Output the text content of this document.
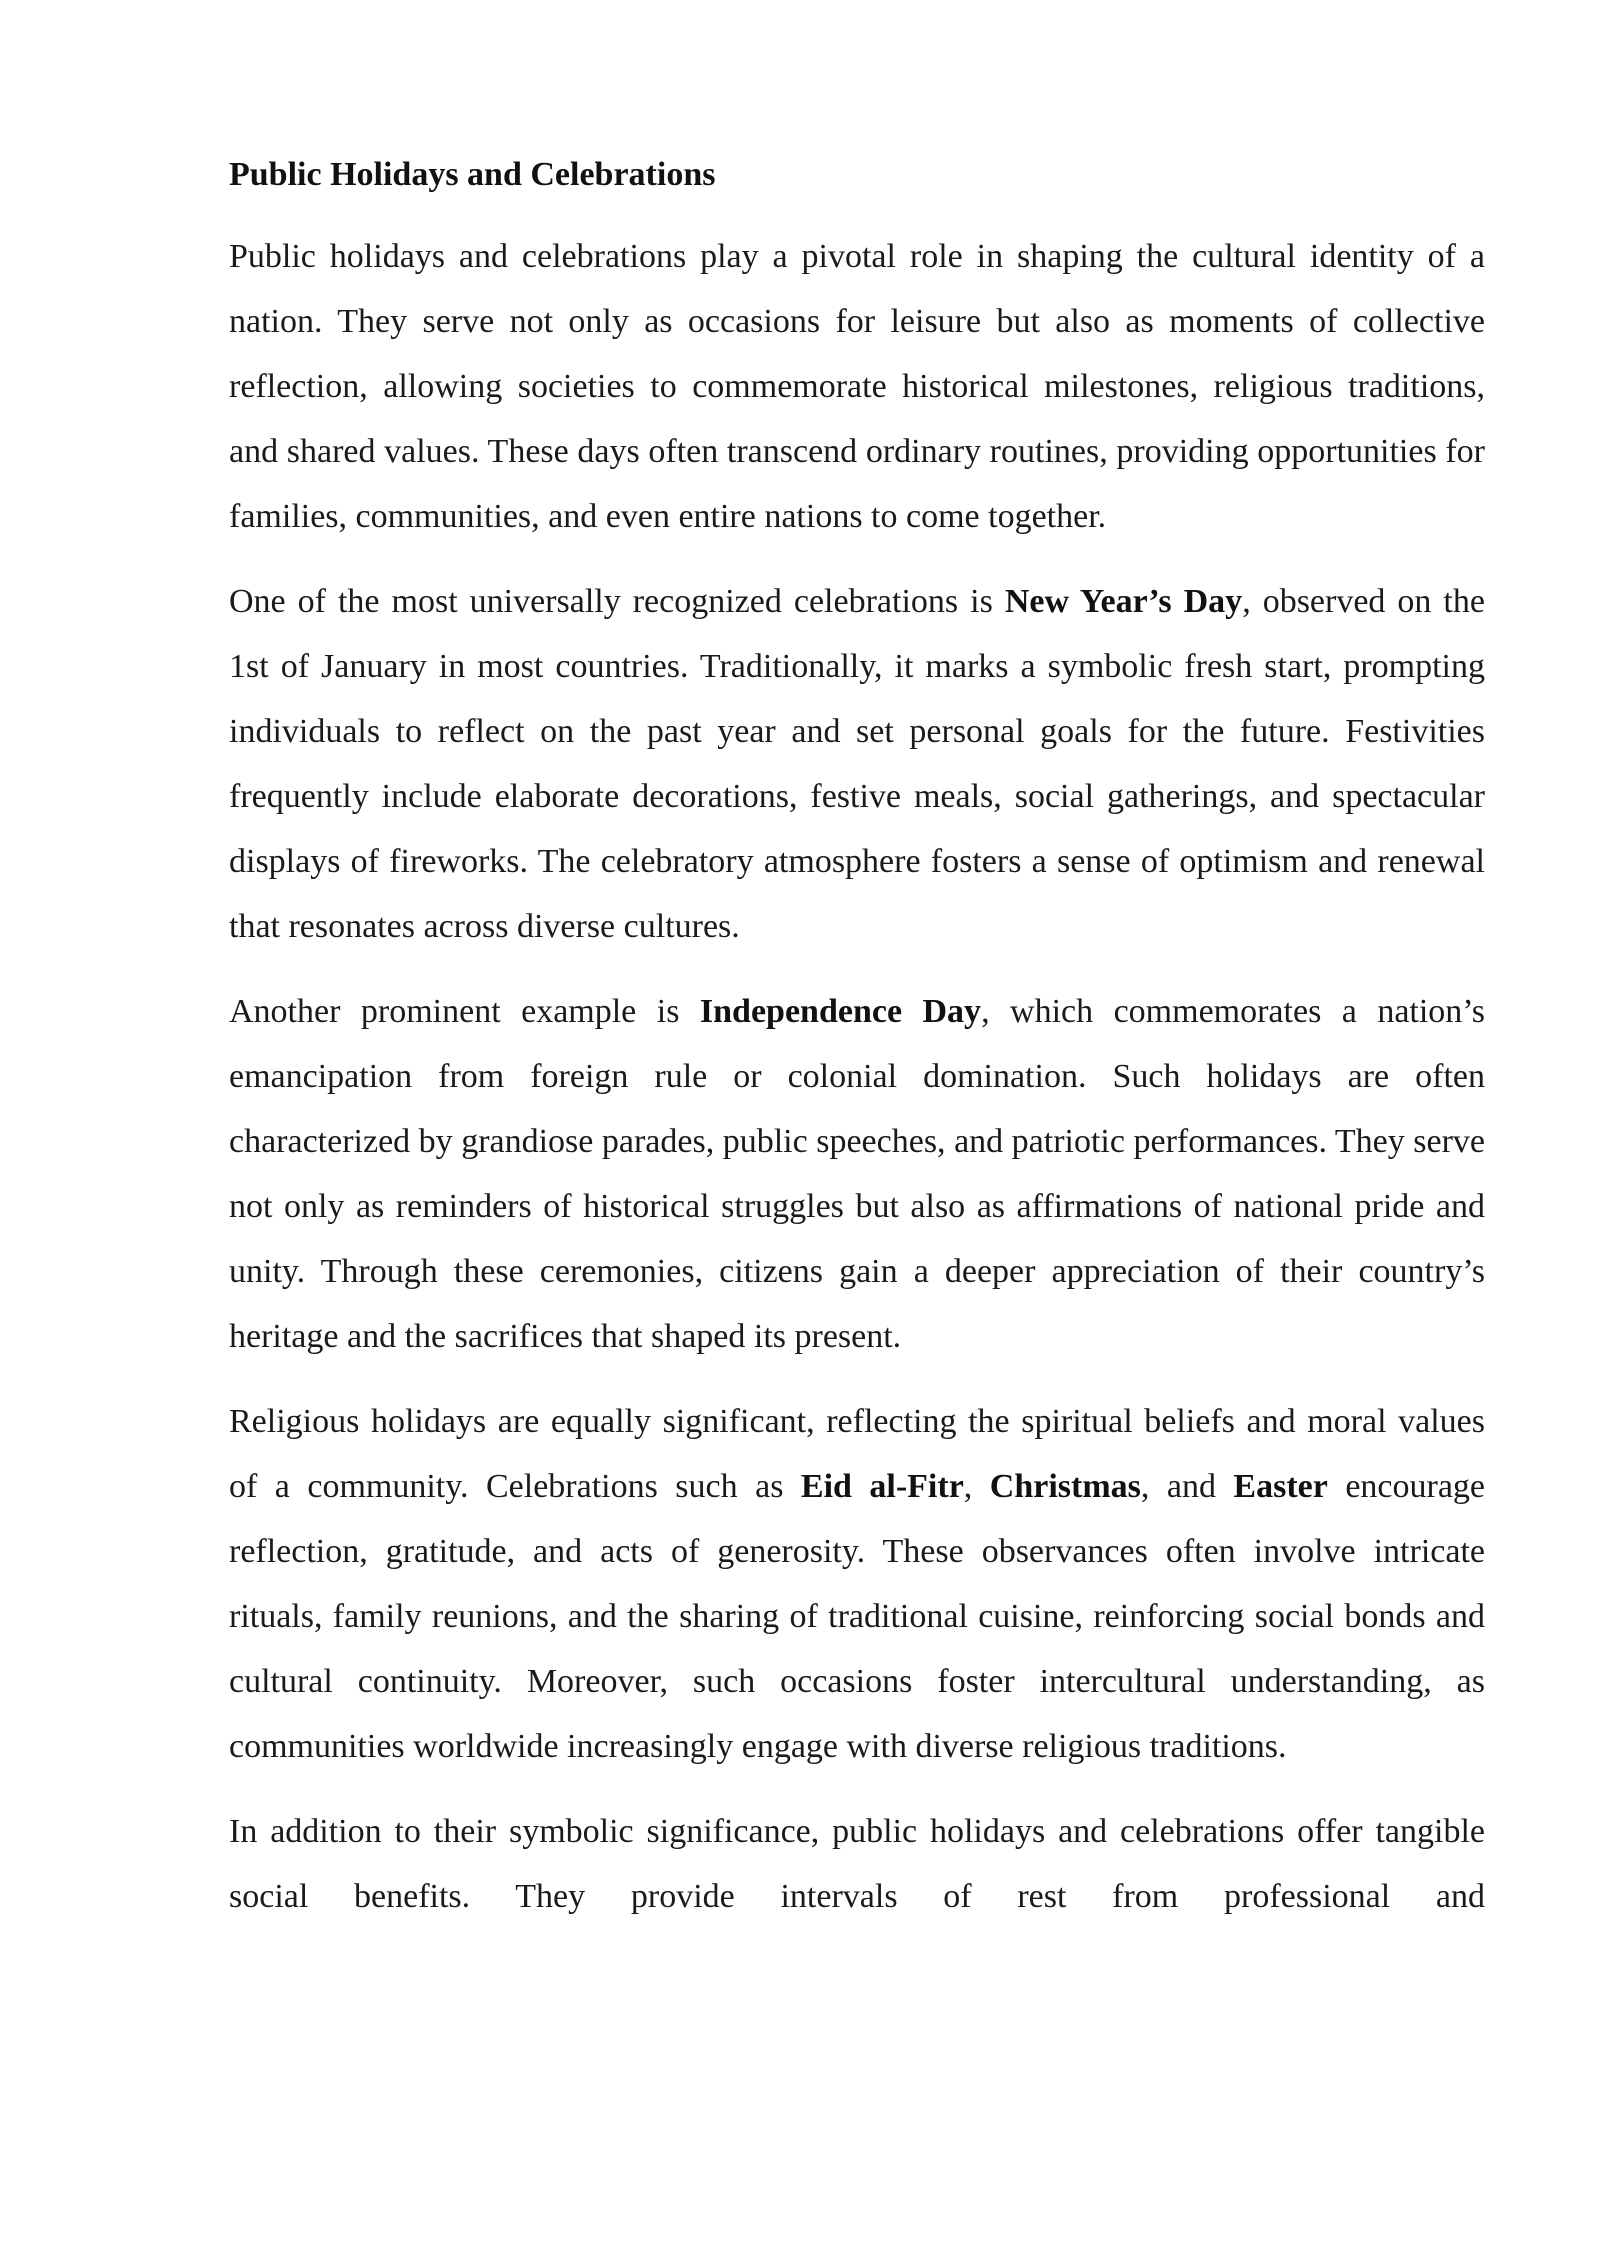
Public Holidays and Celebrations

Public holidays and celebrations play a pivotal role in shaping the cultural identity of a nation. They serve not only as occasions for leisure but also as moments of collective reflection, allowing societies to commemorate historical milestones, religious traditions, and shared values. These days often transcend ordinary routines, providing opportunities for families, communities, and even entire nations to come together.

One of the most universally recognized celebrations is New Year’s Day, observed on the 1st of January in most countries. Traditionally, it marks a symbolic fresh start, prompting individuals to reflect on the past year and set personal goals for the future. Festivities frequently include elaborate decorations, festive meals, social gatherings, and spectacular displays of fireworks. The celebratory atmosphere fosters a sense of optimism and renewal that resonates across diverse cultures.

Another prominent example is Independence Day, which commemorates a nation’s emancipation from foreign rule or colonial domination. Such holidays are often characterized by grandiose parades, public speeches, and patriotic performances. They serve not only as reminders of historical struggles but also as affirmations of national pride and unity. Through these ceremonies, citizens gain a deeper appreciation of their country’s heritage and the sacrifices that shaped its present.

Religious holidays are equally significant, reflecting the spiritual beliefs and moral values of a community. Celebrations such as Eid al-Fitr, Christmas, and Easter encourage reflection, gratitude, and acts of generosity. These observances often involve intricate rituals, family reunions, and the sharing of traditional cuisine, reinforcing social bonds and cultural continuity. Moreover, such occasions foster intercultural understanding, as communities worldwide increasingly engage with diverse religious traditions.

In addition to their symbolic significance, public holidays and celebrations offer tangible social benefits. They provide intervals of rest from professional and
